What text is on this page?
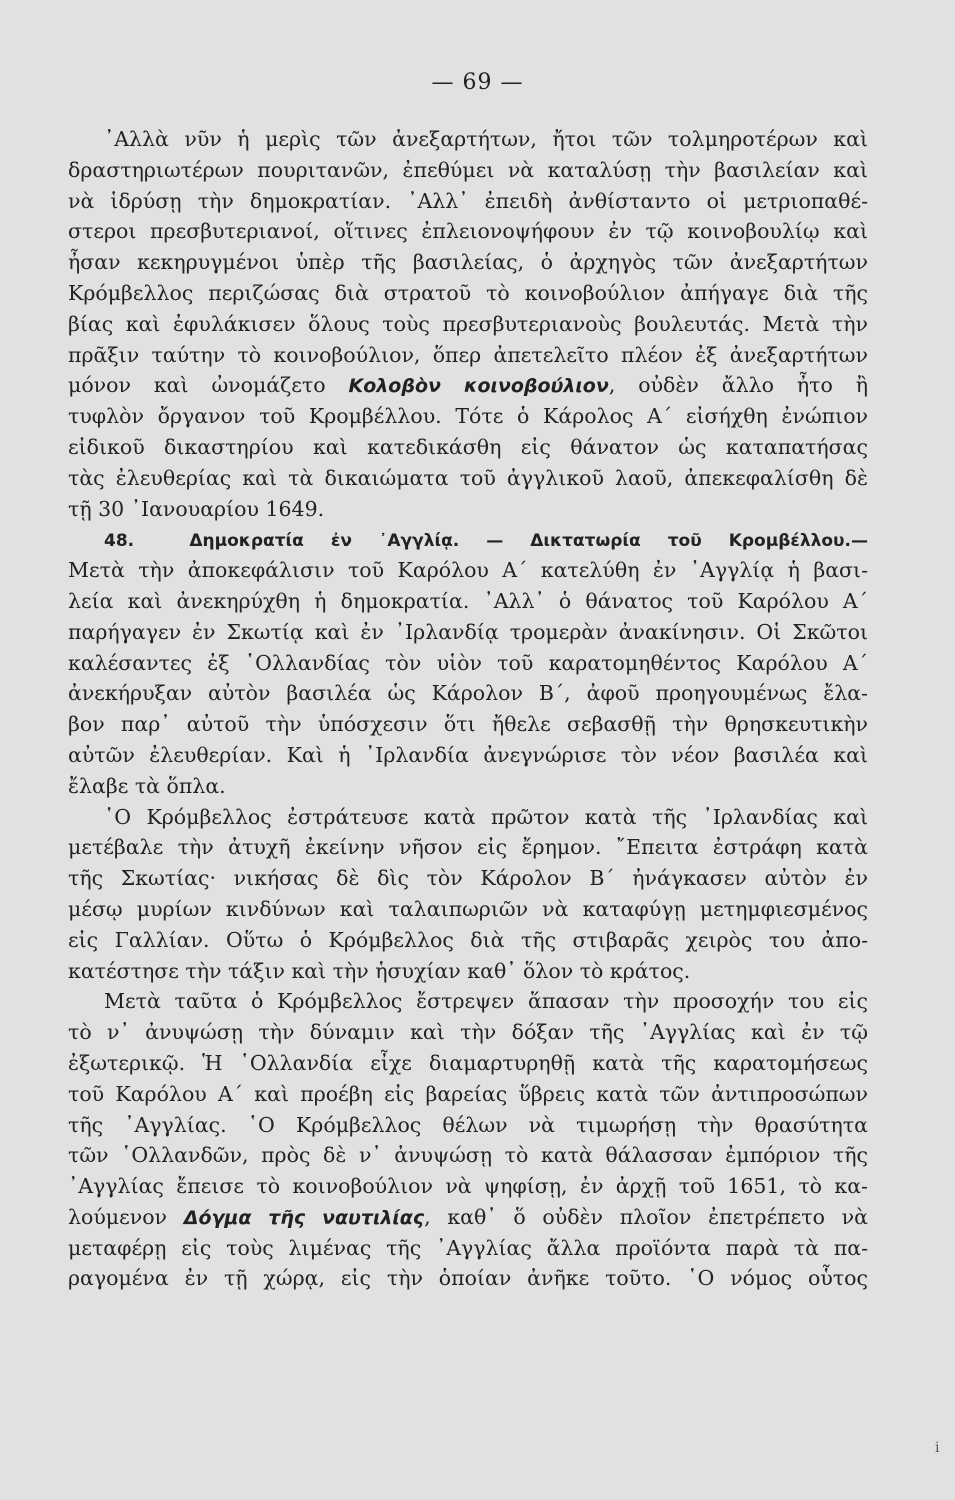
— 69 —
᾿Αλλὰ νῦν ἡ μερὶς τῶν ἀνεξαρτήτων, ἤτοι τῶν τολμηροτέρων καὶ
δραστηριωτέρων πουριτανῶν, ἐπεθύμει νὰ καταλύσῃ τὴν βασιλείαν καὶ
νὰ ἱδρύσῃ τὴν δημοκρατίαν. ᾿Αλλ᾿ ἐπειδὴ ἀνθίσταντο οἱ μετριοπαθέ-
στεροι πρεσβυτεριανοί, οἵτινες ἐπλειονοψήφουν ἐν τῷ κοινοβουλίῳ καὶ
ἦσαν κεκηρυγμένοι ὑπὲρ τῆς βασιλείας, ὁ ἀρχηγὸς τῶν ἀνεξαρτήτων
Κρόμβελλος περιζώσας διὰ στρατοῦ τὸ κοινοβούλιον ἀπήγαγε διὰ τῆς
βίας καὶ ἐφυλάκισεν ὅλους τοὺς πρεσβυτεριανοὺς βουλευτάς. Μετὰ τὴν
πρᾶξιν ταύτην τὸ κοινοβούλιον, ὅπερ ἀπετελεῖτο πλέον ἐξ ἀνεξαρτήτων
μόνον καὶ ὠνομάζετο Κολοβὸν κοινοβούλιον, οὐδὲν ἄλλο ἦτο ἢ
τυφλὸν ὄργανον τοῦ Κρομβέλλου. Τότε ὁ Κάρολος Α΄ εἰσήχθη ἐνώπιον
εἰδικοῦ δικαστηρίου καὶ κατεδικάσθη εἰς θάνατον ὡς καταπατήσας
τὰς ἐλευθερίας καὶ τὰ δικαιώματα τοῦ ἀγγλικοῦ λαοῦ, ἀπεκεφαλίσθη δὲ
τῇ 30 ᾿Ιανουαρίου 1649.
48.	Δημοκρατία ἐν ᾿Αγγλίᾳ. — Δικτατωρία τοῦ Κρομβέλλου.—
Μετὰ τὴν ἀποκεφάλισιν τοῦ Καρόλου Α΄ κατελύθη ἐν ᾿Αγγλίᾳ ἡ βασι-
λεία καὶ ἀνεκηρύχθη ἡ δημοκρατία. ᾿Αλλ᾿ ὁ θάνατος τοῦ Καρόλου Α΄
παρήγαγεν ἐν Σκωτίᾳ καὶ ἐν ᾿Ιρλανδίᾳ τρομερὰν ἀνακίνησιν. Οἱ Σκῶτοι
καλέσαντες ἐξ ῾Ολλανδίας τὸν υἱὸν τοῦ καρατομηθέντος Καρόλου Α΄
ἀνεκήρυξαν αὐτὸν βασιλέα ὡς Κάρολον Β΄, ἀφοῦ προηγουμένως ἔλα-
βον παρ᾿ αὐτοῦ τὴν ὑπόσχεσιν ὅτι ἤθελε σεβασθῇ τὴν θρησκευτικὴν
αὐτῶν ἐλευθερίαν. Καὶ ἡ ᾿Ιρλανδία ἀνεγνώρισε τὸν νέον βασιλέα καὶ
ἔλαβε τὰ ὅπλα.
῾Ο Κρόμβελλος ἐστράτευσε κατὰ πρῶτον κατὰ τῆς ᾿Ιρλανδίας καὶ
μετέβαλε τὴν ἀτυχῆ ἐκείνην νῆσον εἰς ἔρημον. ῎Επειτα ἐστράφη κατὰ
τῆς Σκωτίας· νικήσας δὲ δὶς τὸν Κάρολον Β΄ ἠνάγκασεν αὐτὸν ἐν
μέσῳ μυρίων κινδύνων καὶ ταλαιπωριῶν νὰ καταφύγῃ μετημφιεσμένος
εἰς Γαλλίαν. Οὕτω ὁ Κρόμβελλος διὰ τῆς στιβαρᾶς χειρὸς του ἀπο-
κατέστησε τὴν τάξιν καὶ τὴν ἡσυχίαν καθ᾿ ὅλον τὸ κράτος.
Μετὰ ταῦτα ὁ Κρόμβελλος ἔστρεψεν ἅπασαν τὴν προσοχήν του εἰς
τὸ ν᾿ ἀνυψώσῃ τὴν δύναμιν καὶ τὴν δόξαν τῆς ᾿Αγγλίας καὶ ἐν τῷ
ἐξωτερικῷ. Ἡ ῾Ολλανδία εἶχε διαμαρτυρηθῇ κατὰ τῆς καρατομήσεως
τοῦ Καρόλου Α΄ καὶ προέβη εἰς βαρείας ὕβρεις κατὰ τῶν ἀντιπροσώπων
τῆς ᾿Αγγλίας. ῾Ο Κρόμβελλος θέλων νὰ τιμωρήσῃ τὴν θρασύτητα
τῶν ῾Ολλανδῶν, πρὸς δὲ ν᾿ ἀνυψώσῃ τὸ κατὰ θάλασσαν ἐμπόριον τῆς
᾿Αγγλίας ἔπεισε τὸ κοινοβούλιον νὰ ψηφίσῃ, ἐν ἀρχῇ τοῦ 1651, τὸ κα-
λούμενον Δόγμα τῆς ναυτιλίας, καθ᾿ ὅ οὐδὲν πλοῖον ἐπετρέπετο νὰ
μεταφέρῃ εἰς τοὺς λιμένας τῆς ᾿Αγγλίας ἄλλα προϊόντα παρὰ τὰ πα-
ραγομένα ἐν τῇ χώρᾳ, εἰς τὴν ὁποίαν ἀνῆκε τοῦτο. ῾Ο νόμος οὗτος
i
